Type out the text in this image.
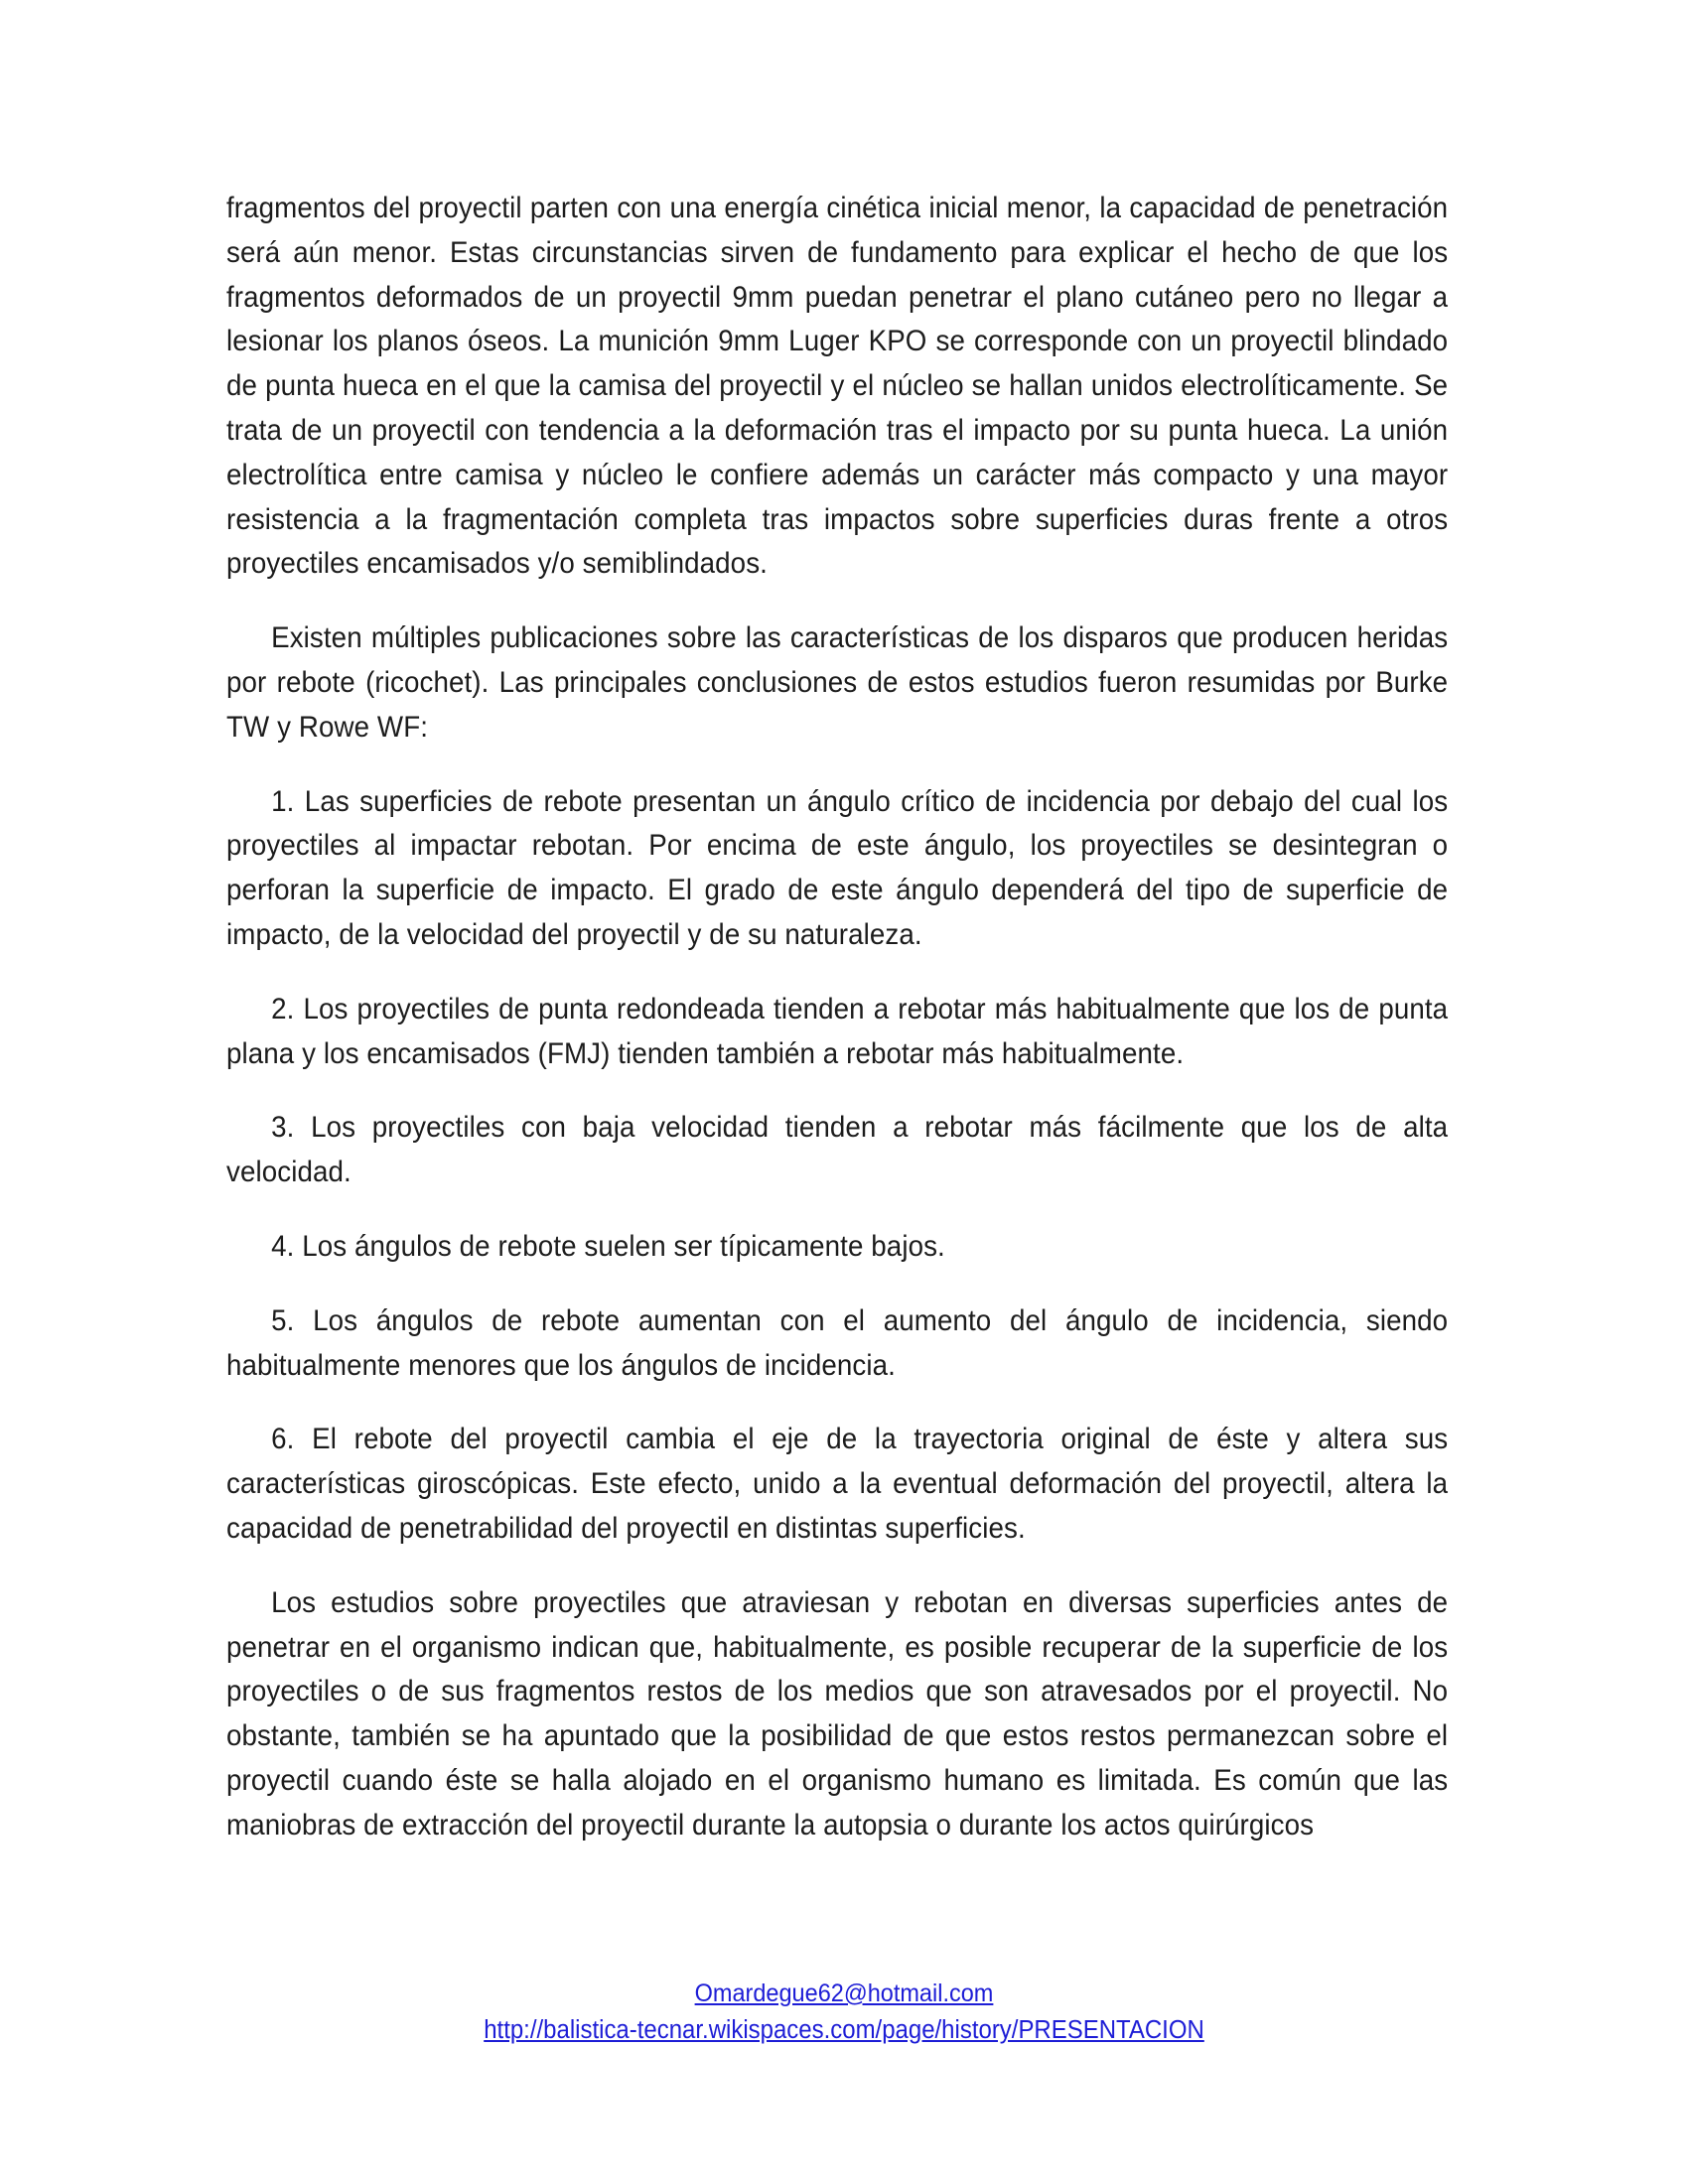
fragmentos del proyectil parten con una energía cinética inicial menor, la capacidad de penetración será aún menor. Estas circunstancias sirven de fundamento para explicar el hecho de que los fragmentos deformados de un proyectil 9mm puedan penetrar el plano cutáneo pero no llegar a lesionar los planos óseos. La munición 9mm Luger KPO se corresponde con un proyectil blindado de punta hueca en el que la camisa del proyectil y el núcleo se hallan unidos electrolíticamente. Se trata de un proyectil con tendencia a la deformación tras el impacto por su punta hueca. La unión electrolítica entre camisa y núcleo le confiere además un carácter más compacto y una mayor resistencia a la fragmentación completa tras impactos sobre superficies duras frente a otros proyectiles encamisados y/o semiblindados.

Existen múltiples publicaciones sobre las características de los disparos que producen heridas por rebote (ricochet). Las principales conclusiones de estos estudios fueron resumidas por Burke TW y Rowe WF:

1. Las superficies de rebote presentan un ángulo crítico de incidencia por debajo del cual los proyectiles al impactar rebotan. Por encima de este ángulo, los proyectiles se desintegran o perforan la superficie de impacto. El grado de este ángulo dependerá del tipo de superficie de impacto, de la velocidad del proyectil y de su naturaleza.

2. Los proyectiles de punta redondeada tienden a rebotar más habitualmente que los de punta plana y los encamisados (FMJ) tienden también a rebotar más habitualmente.

3. Los proyectiles con baja velocidad tienden a rebotar más fácilmente que los de alta velocidad.

4. Los ángulos de rebote suelen ser típicamente bajos.

5. Los ángulos de rebote aumentan con el aumento del ángulo de incidencia, siendo habitualmente menores que los ángulos de incidencia.

6. El rebote del proyectil cambia el eje de la trayectoria original de éste y altera sus características giroscópicas. Este efecto, unido a la eventual deformación del proyectil, altera la capacidad de penetrabilidad del proyectil en distintas superficies.

Los estudios sobre proyectiles que atraviesan y rebotan en diversas superficies antes de penetrar en el organismo indican que, habitualmente, es posible recuperar de la superficie de los proyectiles o de sus fragmentos restos de los medios que son atravesados por el proyectil. No obstante, también se ha apuntado que la posibilidad de que estos restos permanezcan sobre el proyectil cuando éste se halla alojado en el organismo humano es limitada. Es común que las maniobras de extracción del proyectil durante la autopsia o durante los actos quirúrgicos

Omardegue62@hotmail.com
http://balistica-tecnar.wikispaces.com/page/history/PRESENTACION
